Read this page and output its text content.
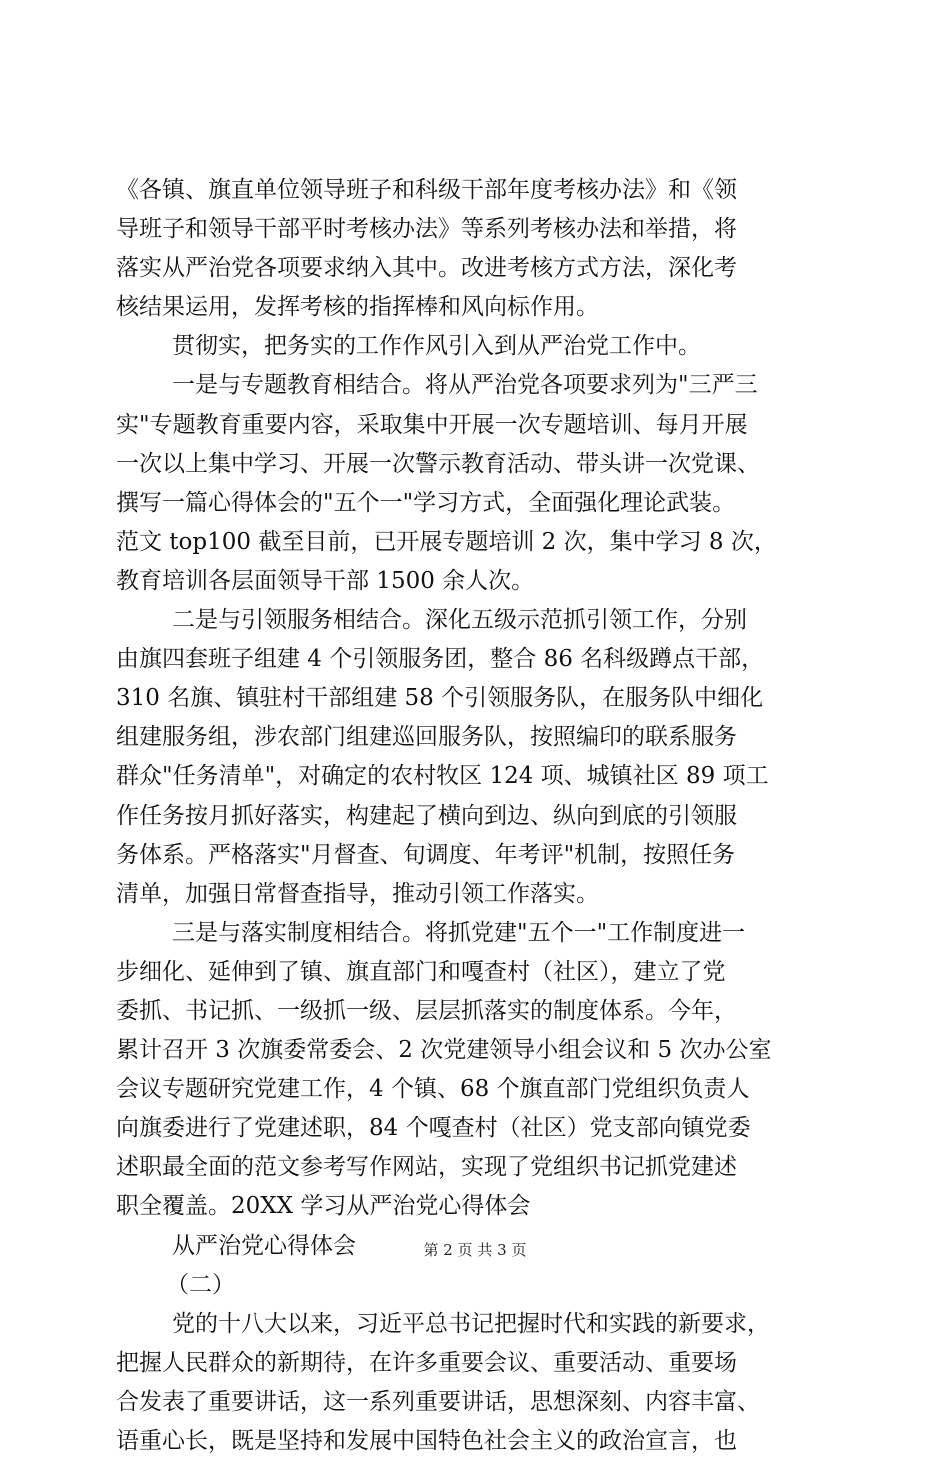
《各镇、旗直单位领导班子和科级干部年度考核办法》和《领
导班子和领导干部平时考核办法》等系列考核办法和举措，将
落实从严治党各项要求纳入其中。改进考核方式方法，深化考
核结果运用，发挥考核的指挥棒和风向标作用。
贯彻实，把务实的工作作风引入到从严治党工作中。
一是与专题教育相结合。将从严治党各项要求列为"三严三
实"专题教育重要内容，采取集中开展一次专题培训、每月开展
一次以上集中学习、开展一次警示教育活动、带头讲一次党课、
撰写一篇心得体会的"五个一"学习方式，全面强化理论武装。
范文 top100 截至目前，已开展专题培训 2 次，集中学习 8 次，
教育培训各层面领导干部 1500 余人次。
二是与引领服务相结合。深化五级示范抓引领工作，分别
由旗四套班子组建 4 个引领服务团，整合 86 名科级蹲点干部，
310 名旗、镇驻村干部组建 58 个引领服务队，在服务队中细化
组建服务组，涉农部门组建巡回服务队，按照编印的联系服务
群众"任务清单"，对确定的农村牧区 124 项、城镇社区 89 项工
作任务按月抓好落实，构建起了横向到边、纵向到底的引领服
务体系。严格落实"月督查、旬调度、年考评"机制，按照任务
清单，加强日常督查指导，推动引领工作落实。
三是与落实制度相结合。将抓党建"五个一"工作制度进一
步细化、延伸到了镇、旗直部门和嘎查村（社区），建立了党
委抓、书记抓、一级抓一级、层层抓落实的制度体系。今年，
累计召开 3 次旗委常委会、2 次党建领导小组会议和 5 次办公室
会议专题研究党建工作，4 个镇、68 个旗直部门党组织负责人
向旗委进行了党建述职，84 个嘎查村（社区）党支部向镇党委
述职最全面的范文参考写作网站，实现了党组织书记抓党建述
职全覆盖。20XX 学习从严治党心得体会
从严治党心得体会
（二）
党的十八大以来，习近平总书记把握时代和实践的新要求，
把握人民群众的新期待，在许多重要会议、重要活动、重要场
合发表了重要讲话，这一系列重要讲话，思想深刻、内容丰富、
语重心长，既是坚持和发展中国特色社会主义的政治宣言，也
第 2 页 共 3 页
